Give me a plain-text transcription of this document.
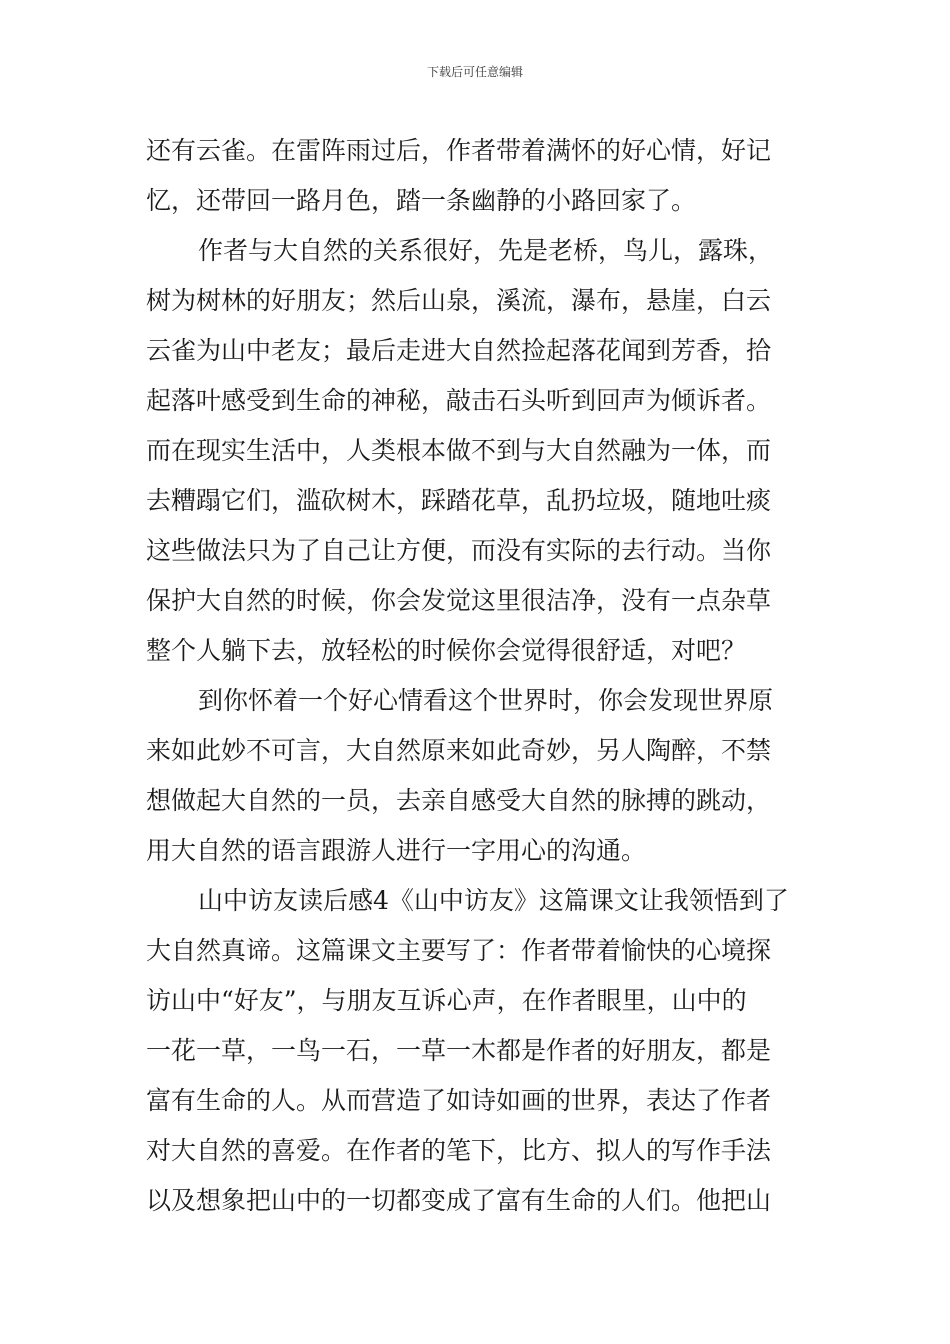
下载后可任意编辑
还有云雀。在雷阵雨过后，作者带着满怀的好心情，好记
忆，还带回一路月色，踏一条幽静的小路回家了。
作者与大自然的关系很好，先是老桥，鸟儿，露珠，
树为树林的好朋友；然后山泉，溪流，瀑布，悬崖，白云
云雀为山中老友；最后走进大自然捡起落花闻到芳香，拾
起落叶感受到生命的神秘，敲击石头听到回声为倾诉者。
而在现实生活中，人类根本做不到与大自然融为一体，而
去糟蹋它们，滥砍树木，踩踏花草，乱扔垃圾，随地吐痰
这些做法只为了自己让方便，而没有实际的去行动。当你
保护大自然的时候，你会发觉这里很洁净，没有一点杂草
整个人躺下去，放轻松的时候你会觉得很舒适，对吧？
到你怀着一个好心情看这个世界时，你会发现世界原
来如此妙不可言，大自然原来如此奇妙，另人陶醉，不禁
想做起大自然的一员，去亲自感受大自然的脉搏的跳动，
用大自然的语言跟游人进行一字用心的沟通。
山中访友读后感4《山中访友》这篇课文让我领悟到了
大自然真谛。这篇课文主要写了：作者带着愉快的心境探
访山中“好友”，与朋友互诉心声，在作者眼里，山中的
一花一草，一鸟一石，一草一木都是作者的好朋友，都是
富有生命的人。从而营造了如诗如画的世界，表达了作者
对大自然的喜爱。在作者的笔下，比方、拟人的写作手法
以及想象把山中的一切都变成了富有生命的人们。他把山
